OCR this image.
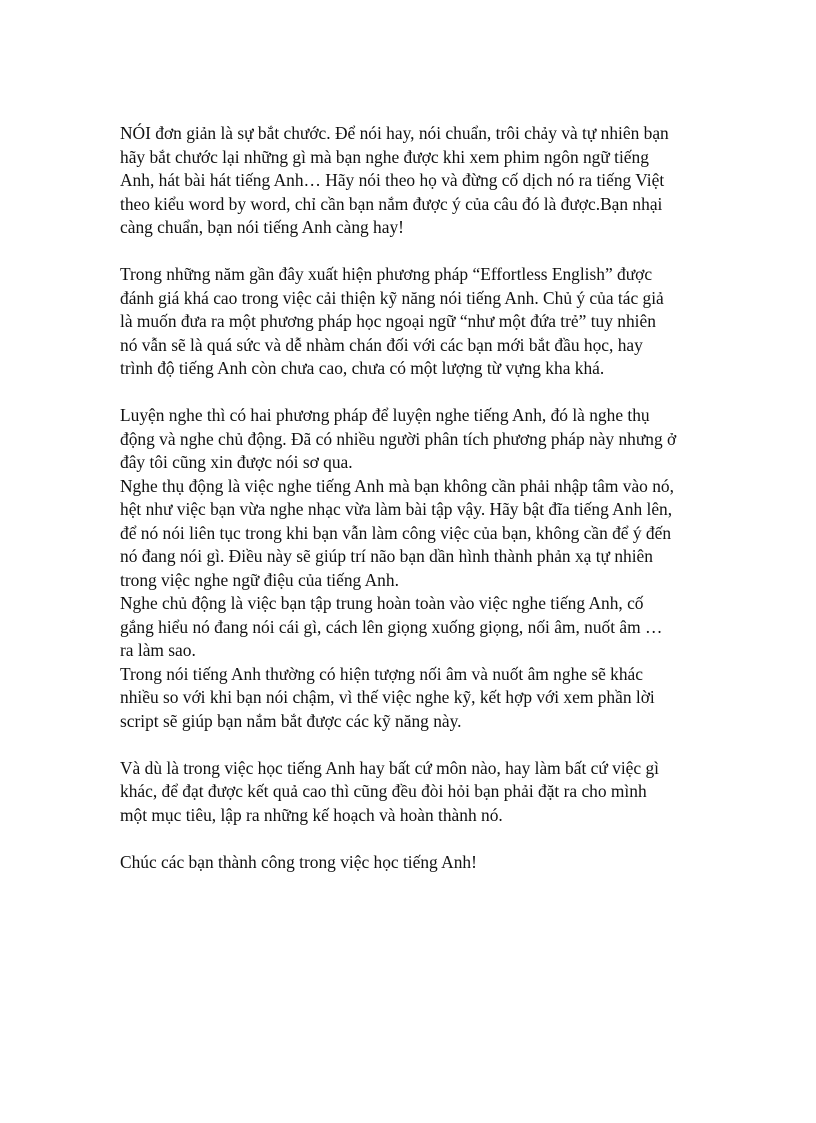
NÓI đơn giản là sự bắt chước. Để nói hay, nói chuẩn, trôi chảy và tự nhiên bạn
hãy bắt chước lại những gì mà bạn nghe được khi xem phim ngôn ngữ tiếng
Anh, hát bài hát tiếng Anh… Hãy nói theo họ và đừng cố dịch nó ra tiếng Việt
theo kiểu word by word, chỉ cần bạn nắm được ý của câu đó là được.Bạn nhại
càng chuẩn, bạn nói tiếng Anh càng hay!

Trong những năm gần đây xuất hiện phương pháp “Effortless English” được
đánh giá khá cao trong việc cải thiện kỹ năng nói tiếng Anh. Chủ ý của tác giả
là muốn đưa ra một phương pháp học ngoại ngữ “như một đứa trẻ” tuy nhiên
nó vẫn sẽ là quá sức và dễ nhàm chán đối với các bạn mới bắt đầu học, hay
trình độ tiếng Anh còn chưa cao, chưa có một lượng từ vựng kha khá.

Luyện nghe thì có hai phương pháp để luyện nghe tiếng Anh, đó là nghe thụ
động và nghe chủ động. Đã có nhiều người phân tích phương pháp này nhưng ở
đây tôi cũng xin được nói sơ qua.
Nghe thụ động là việc nghe tiếng Anh mà bạn không cần phải nhập tâm vào nó,
hệt như việc bạn vừa nghe nhạc vừa làm bài tập vậy. Hãy bật đĩa tiếng Anh lên,
để nó nói liên tục trong khi bạn vẫn làm công việc của bạn, không cần để ý đến
nó đang nói gì. Điều này sẽ giúp trí não bạn dần hình thành phản xạ tự nhiên
trong việc nghe ngữ điệu của tiếng Anh.
Nghe chủ động là việc bạn tập trung hoàn toàn vào việc nghe tiếng Anh, cố
gắng hiểu nó đang nói cái gì, cách lên giọng xuống giọng, nối âm, nuốt âm …
ra làm sao.
Trong nói tiếng Anh thường có hiện tượng nối âm và nuốt âm nghe sẽ khác
nhiều so với khi bạn nói chậm, vì thế việc nghe kỹ, kết hợp với xem phần lời
script sẽ giúp bạn nắm bắt được các kỹ năng này.

Và dù là trong việc học tiếng Anh hay bất cứ môn nào, hay làm bất cứ việc gì
khác, để đạt được kết quả cao thì cũng đều đòi hỏi bạn phải đặt ra cho mình
một mục tiêu, lập ra những kế hoạch và hoàn thành nó.

Chúc các bạn thành công trong việc học tiếng Anh!
